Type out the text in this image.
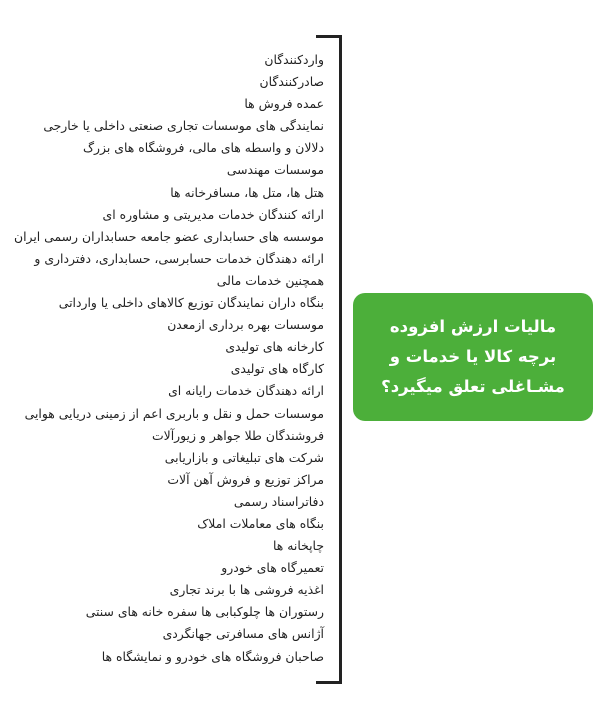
واردکنندگان
صادرکنندگان
عمده فروش ها
نمایندگی های موسسات تجاری صنعتی داخلی یا خارجی
دلالان و واسطه های مالی، فروشگاه های بزرگ
موسسات مهندسی
هتل ها، متل ها، مسافرخانه ها
ارائه کنندگان خدمات مدیریتی و مشاوره ای
موسسه های حسابداری عضو جامعه حسابداران رسمی ایران
ارائه دهندگان خدمات حسابرسی، حسابداری، دفترداری و
همچنین خدمات مالی
بنگاه داران نمایندگان توزیع کالاهای داخلی یا وارداتی
موسسات بهره برداری ازمعدن
کارخانه های تولیدی
کارگاه های تولیدی
ارائه دهندگان خدمات رایانه ای
موسسات حمل و نقل و باربری اعم از زمینی دریایی هوایی
فروشندگان طلا جواهر و زیورآلات
شرکت های تبلیغاتی و بازاریابی
مراکز توزیع و فروش آهن آلات
دفاتراسناد رسمی
بنگاه های معاملات املاک
چاپخانه ها
تعمیرگاه های خودرو
اغذیه فروشی ها با برند تجاری
رستوران ها چلوکبابی ها سفره خانه های سنتی
آژانس های مسافرتی جهانگردی
صاحبان فروشگاه های خودرو و نمایشگاه ها

مالیات ارزش افزوده برچه کالا یا خدمات و مشـاغلی تعلق میگیرد؟
